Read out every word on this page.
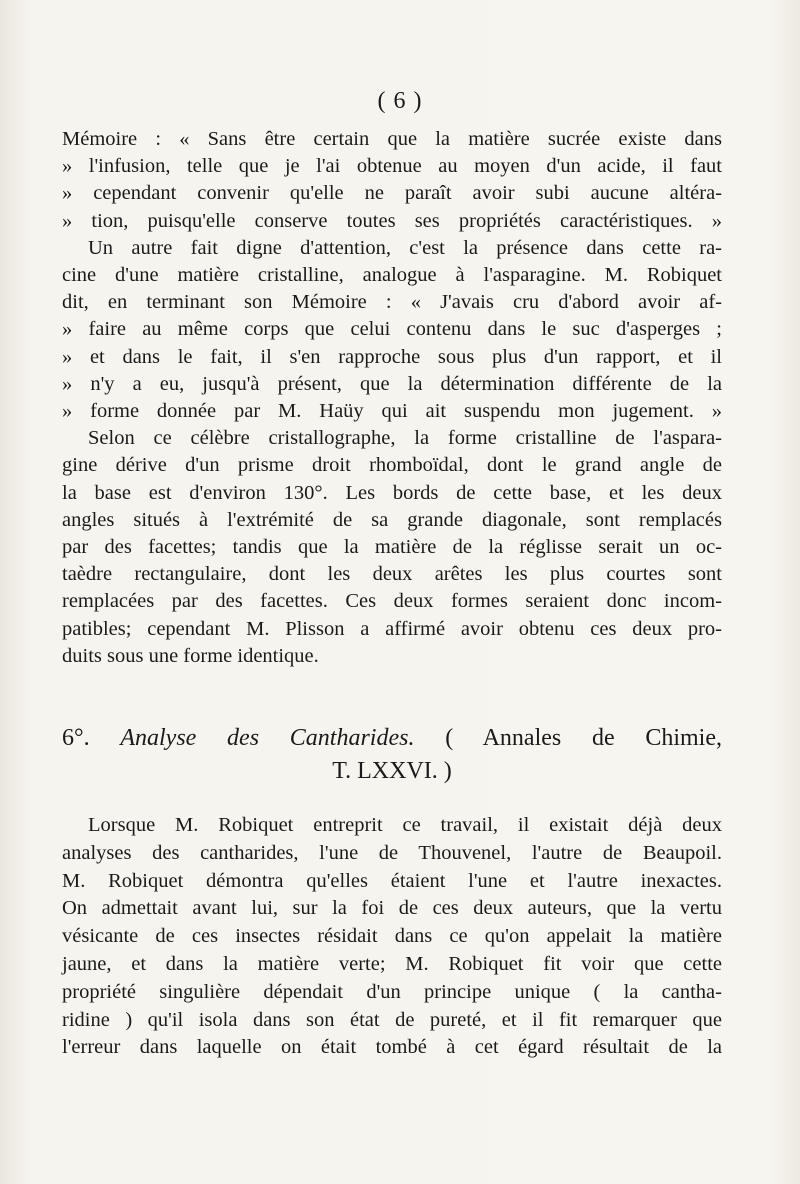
( 6 )
Mémoire : « Sans être certain que la matière sucrée existe dans
» l'infusion, telle que je l'ai obtenue au moyen d'un acide, il faut
» cependant convenir qu'elle ne paraît avoir subi aucune altéra-
» tion, puisqu'elle conserve toutes ses propriétés caractéristiques. »
Un autre fait digne d'attention, c'est la présence dans cette ra-
cine d'une matière cristalline, analogue à l'asparagine. M. Robiquet
dit, en terminant son Mémoire : « J'avais cru d'abord avoir af-
» faire au même corps que celui contenu dans le suc d'asperges ;
» et dans le fait, il s'en rapproche sous plus d'un rapport, et il
» n'y a eu, jusqu'à présent, que la détermination différente de la
» forme donnée par M. Haüy qui ait suspendu mon jugement. »
Selon ce célèbre cristallographe, la forme cristalline de l'aspara-
gine dérive d'un prisme droit rhomboïdal, dont le grand angle de
la base est d'environ 130°. Les bords de cette base, et les deux
angles situés à l'extrémité de sa grande diagonale, sont remplacés
par des facettes; tandis que la matière de la réglisse serait un oc-
taèdre rectangulaire, dont les deux arêtes les plus courtes sont
remplacées par des facettes. Ces deux formes seraient donc incom-
patibles; cependant M. Plisson a affirmé avoir obtenu ces deux pro-
duits sous une forme identique.
6°. Analyse des Cantharides. ( Annales de Chimie,
T. LXXVI. )
Lorsque M. Robiquet entreprit ce travail, il existait déjà deux
analyses des cantharides, l'une de Thouvenel, l'autre de Beaupoil.
M. Robiquet démontra qu'elles étaient l'une et l'autre inexactes.
On admettait avant lui, sur la foi de ces deux auteurs, que la vertu
vésicante de ces insectes résidait dans ce qu'on appelait la matière
jaune, et dans la matière verte; M. Robiquet fit voir que cette
propriété singulière dépendait d'un principe unique ( la cantha-
ridine ) qu'il isola dans son état de pureté, et il fit remarquer que
l'erreur dans laquelle on était tombé à cet égard résultait de la
